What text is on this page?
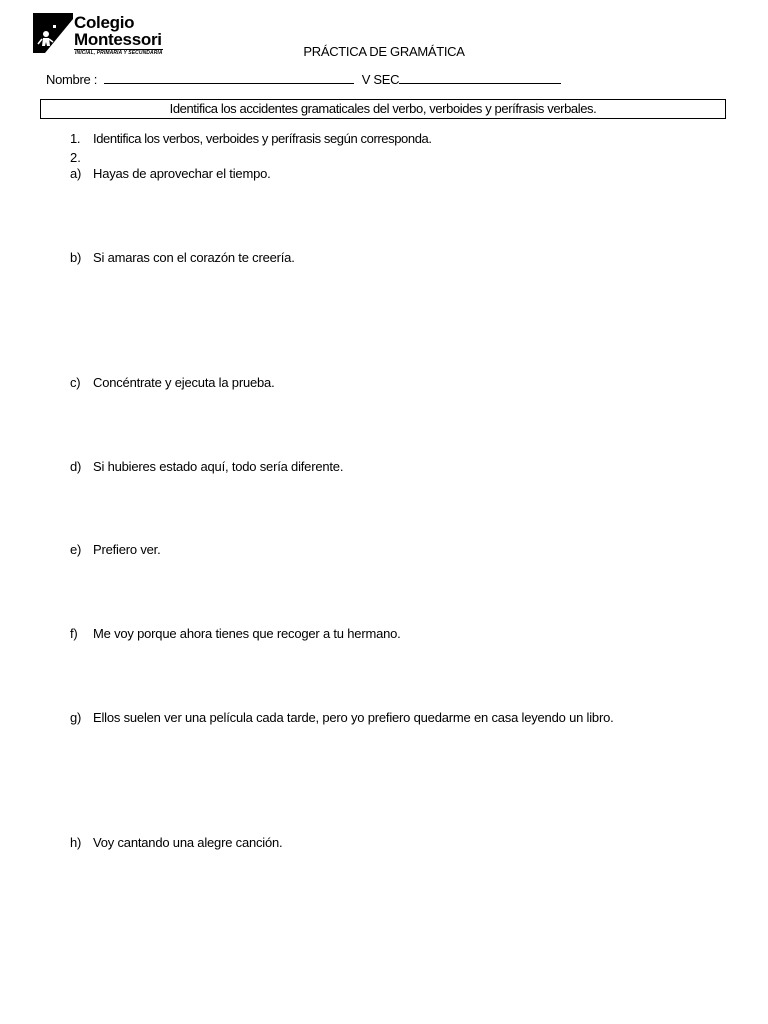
Colegio
Montessori
INICIAL, PRIMARIA Y SECUNDARIA	PRÁCTICA DE GRAMÁTICA
Nombre :	V SEC
Identifica los accidentes gramaticales del verbo, verboides y perífrasis verbales.
1. Identifica los verbos, verboides y perífrasis según corresponda.
2.
a) Hayas de aprovechar el tiempo.
b) Si amaras con el corazón te creería.
c) Concéntrate y ejecuta la prueba.
d) Si hubieres estado aquí, todo sería diferente.
e) Prefiero ver.
f) Me voy porque ahora tienes que recoger a tu hermano.
g) Ellos suelen ver una película cada tarde, pero yo prefiero quedarme en casa leyendo un libro.
h) Voy cantando una alegre canción.
